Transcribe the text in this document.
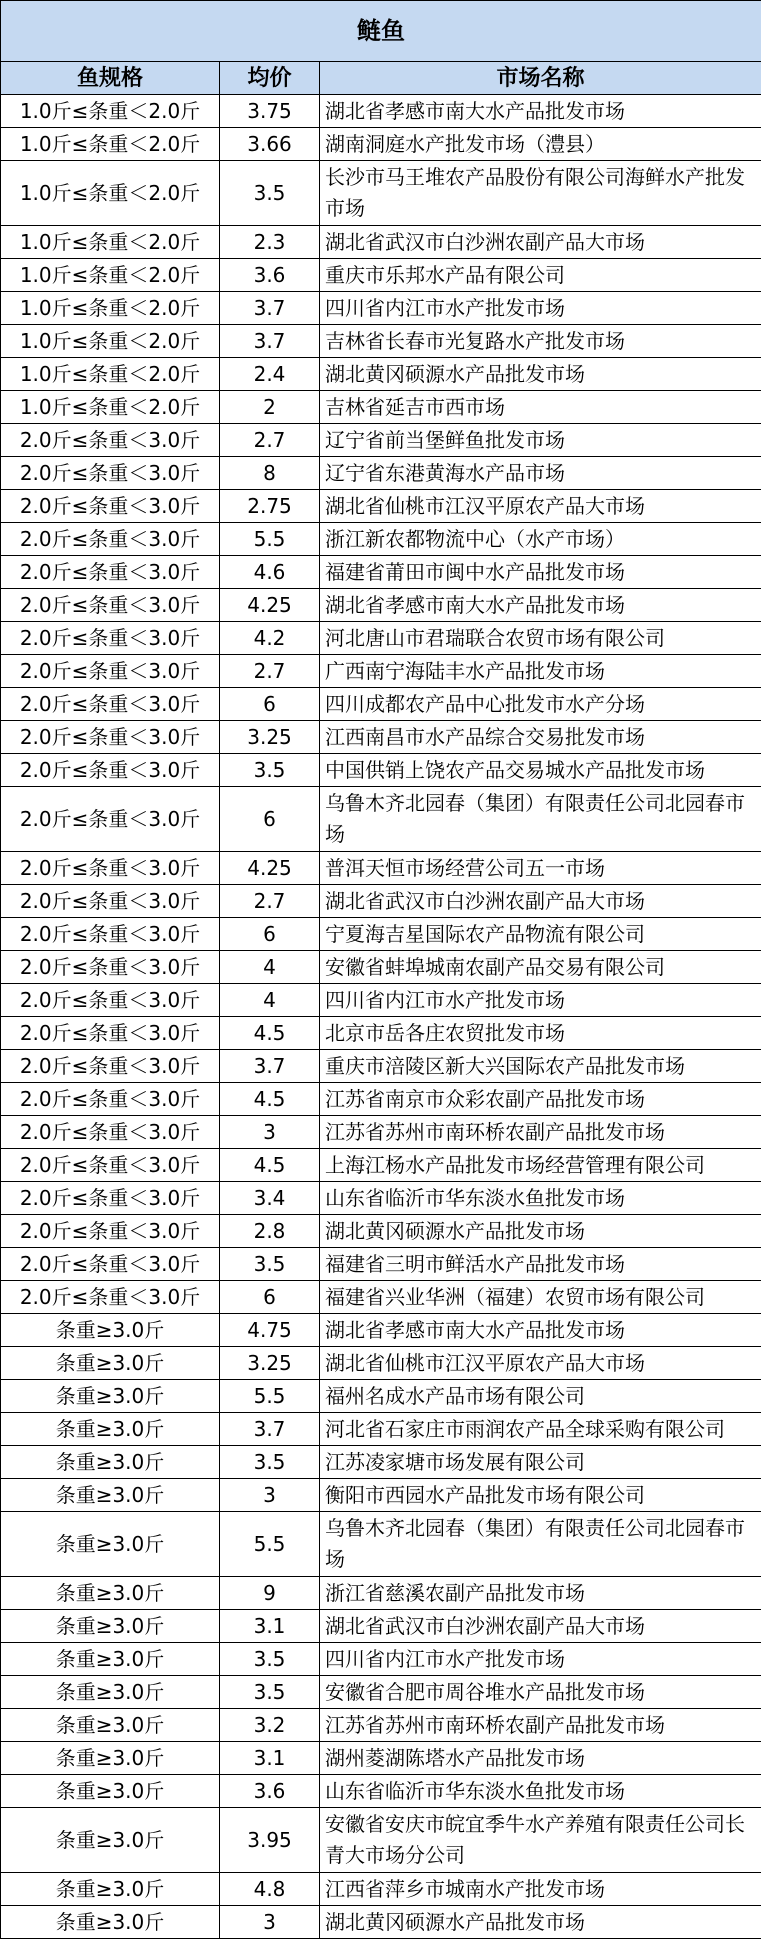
鲢鱼		
鱼规格	均价	市场名称
1.0斤≤条重＜2.0斤	3.75	湖北省孝感市南大水产品批发市场
1.0斤≤条重＜2.0斤	3.66	湖南洞庭水产批发市场（澧县）
1.0斤≤条重＜2.0斤	3.5	长沙市马王堆农产品股份有限公司海鲜水产批发市场
1.0斤≤条重＜2.0斤	2.3	湖北省武汉市白沙洲农副产品大市场
1.0斤≤条重＜2.0斤	3.6	重庆市乐邦水产品有限公司
1.0斤≤条重＜2.0斤	3.7	四川省内江市水产批发市场
1.0斤≤条重＜2.0斤	3.7	吉林省长春市光复路水产批发市场
1.0斤≤条重＜2.0斤	2.4	湖北黄冈硕源水产品批发市场
1.0斤≤条重＜2.0斤	2	吉林省延吉市西市场
2.0斤≤条重＜3.0斤	2.7	辽宁省前当堡鲜鱼批发市场
2.0斤≤条重＜3.0斤	8	辽宁省东港黄海水产品市场
2.0斤≤条重＜3.0斤	2.75	湖北省仙桃市江汉平原农产品大市场
2.0斤≤条重＜3.0斤	5.5	浙江新农都物流中心（水产市场）
2.0斤≤条重＜3.0斤	4.6	福建省莆田市闽中水产品批发市场
2.0斤≤条重＜3.0斤	4.25	湖北省孝感市南大水产品批发市场
2.0斤≤条重＜3.0斤	4.2	河北唐山市君瑞联合农贸市场有限公司
2.0斤≤条重＜3.0斤	2.7	广西南宁海陆丰水产品批发市场
2.0斤≤条重＜3.0斤	6	四川成都农产品中心批发市水产分场
2.0斤≤条重＜3.0斤	3.25	江西南昌市水产品综合交易批发市场
2.0斤≤条重＜3.0斤	3.5	中国供销上饶农产品交易城水产品批发市场
2.0斤≤条重＜3.0斤	6	乌鲁木齐北园春（集团）有限责任公司北园春市场
2.0斤≤条重＜3.0斤	4.25	普洱天恒市场经营公司五一市场
2.0斤≤条重＜3.0斤	2.7	湖北省武汉市白沙洲农副产品大市场
2.0斤≤条重＜3.0斤	6	宁夏海吉星国际农产品物流有限公司
2.0斤≤条重＜3.0斤	4	安徽省蚌埠城南农副产品交易有限公司
2.0斤≤条重＜3.0斤	4	四川省内江市水产批发市场
2.0斤≤条重＜3.0斤	4.5	北京市岳各庄农贸批发市场
2.0斤≤条重＜3.0斤	3.7	重庆市涪陵区新大兴国际农产品批发市场
2.0斤≤条重＜3.0斤	4.5	江苏省南京市众彩农副产品批发市场
2.0斤≤条重＜3.0斤	3	江苏省苏州市南环桥农副产品批发市场
2.0斤≤条重＜3.0斤	4.5	上海江杨水产品批发市场经营管理有限公司
2.0斤≤条重＜3.0斤	3.4	山东省临沂市华东淡水鱼批发市场
2.0斤≤条重＜3.0斤	2.8	湖北黄冈硕源水产品批发市场
2.0斤≤条重＜3.0斤	3.5	福建省三明市鲜活水产品批发市场
2.0斤≤条重＜3.0斤	6	福建省兴业华洲（福建）农贸市场有限公司
条重≥3.0斤	4.75	湖北省孝感市南大水产品批发市场
条重≥3.0斤	3.25	湖北省仙桃市江汉平原农产品大市场
条重≥3.0斤	5.5	福州名成水产品市场有限公司
条重≥3.0斤	3.7	河北省石家庄市雨润农产品全球采购有限公司
条重≥3.0斤	3.5	江苏凌家塘市场发展有限公司
条重≥3.0斤	3	衡阳市西园水产品批发市场有限公司
条重≥3.0斤	5.5	乌鲁木齐北园春（集团）有限责任公司北园春市场
条重≥3.0斤	9	浙江省慈溪农副产品批发市场
条重≥3.0斤	3.1	湖北省武汉市白沙洲农副产品大市场
条重≥3.0斤	3.5	四川省内江市水产批发市场
条重≥3.0斤	3.5	安徽省合肥市周谷堆水产品批发市场
条重≥3.0斤	3.2	江苏省苏州市南环桥农副产品批发市场
条重≥3.0斤	3.1	湖州菱湖陈塔水产品批发市场
条重≥3.0斤	3.6	山东省临沂市华东淡水鱼批发市场
条重≥3.0斤	3.95	安徽省安庆市皖宜季牛水产养殖有限责任公司长青大市场分公司
条重≥3.0斤	4.8	江西省萍乡市城南水产批发市场
条重≥3.0斤	3	湖北黄冈硕源水产品批发市场
